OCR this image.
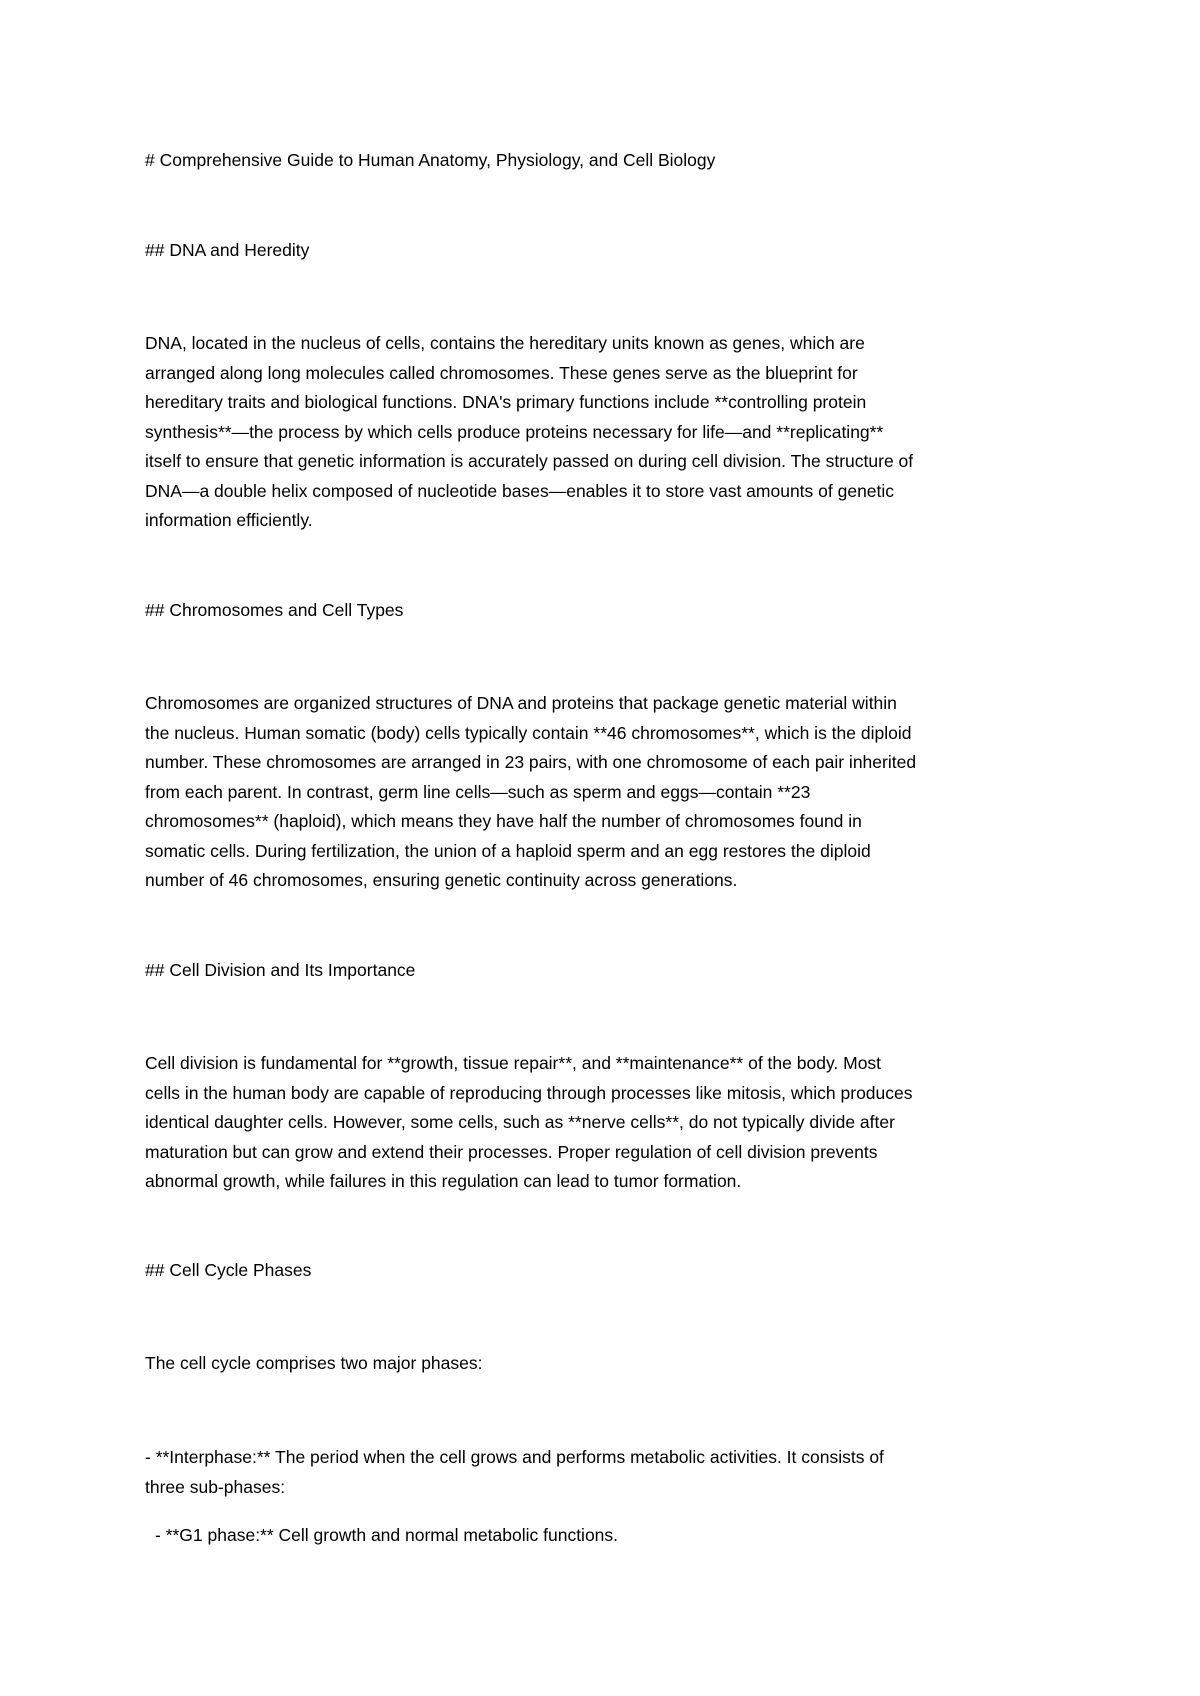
# Comprehensive Guide to Human Anatomy, Physiology, and Cell Biology
## DNA and Heredity
DNA, located in the nucleus of cells, contains the hereditary units known as genes, which are
arranged along long molecules called chromosomes. These genes serve as the blueprint for
hereditary traits and biological functions. DNA's primary functions include **controlling protein
synthesis**—the process by which cells produce proteins necessary for life—and **replicating**
itself to ensure that genetic information is accurately passed on during cell division. The structure of
DNA—a double helix composed of nucleotide bases—enables it to store vast amounts of genetic
information efficiently.
## Chromosomes and Cell Types
Chromosomes are organized structures of DNA and proteins that package genetic material within
the nucleus. Human somatic (body) cells typically contain **46 chromosomes**, which is the diploid
number. These chromosomes are arranged in 23 pairs, with one chromosome of each pair inherited
from each parent. In contrast, germ line cells—such as sperm and eggs—contain **23
chromosomes** (haploid), which means they have half the number of chromosomes found in
somatic cells. During fertilization, the union of a haploid sperm and an egg restores the diploid
number of 46 chromosomes, ensuring genetic continuity across generations.
## Cell Division and Its Importance
Cell division is fundamental for **growth, tissue repair**, and **maintenance** of the body. Most
cells in the human body are capable of reproducing through processes like mitosis, which produces
identical daughter cells. However, some cells, such as **nerve cells**, do not typically divide after
maturation but can grow and extend their processes. Proper regulation of cell division prevents
abnormal growth, while failures in this regulation can lead to tumor formation.
## Cell Cycle Phases
The cell cycle comprises two major phases:
- **Interphase:** The period when the cell grows and performs metabolic activities. It consists of
three sub-phases:
- **G1 phase:** Cell growth and normal metabolic functions.
